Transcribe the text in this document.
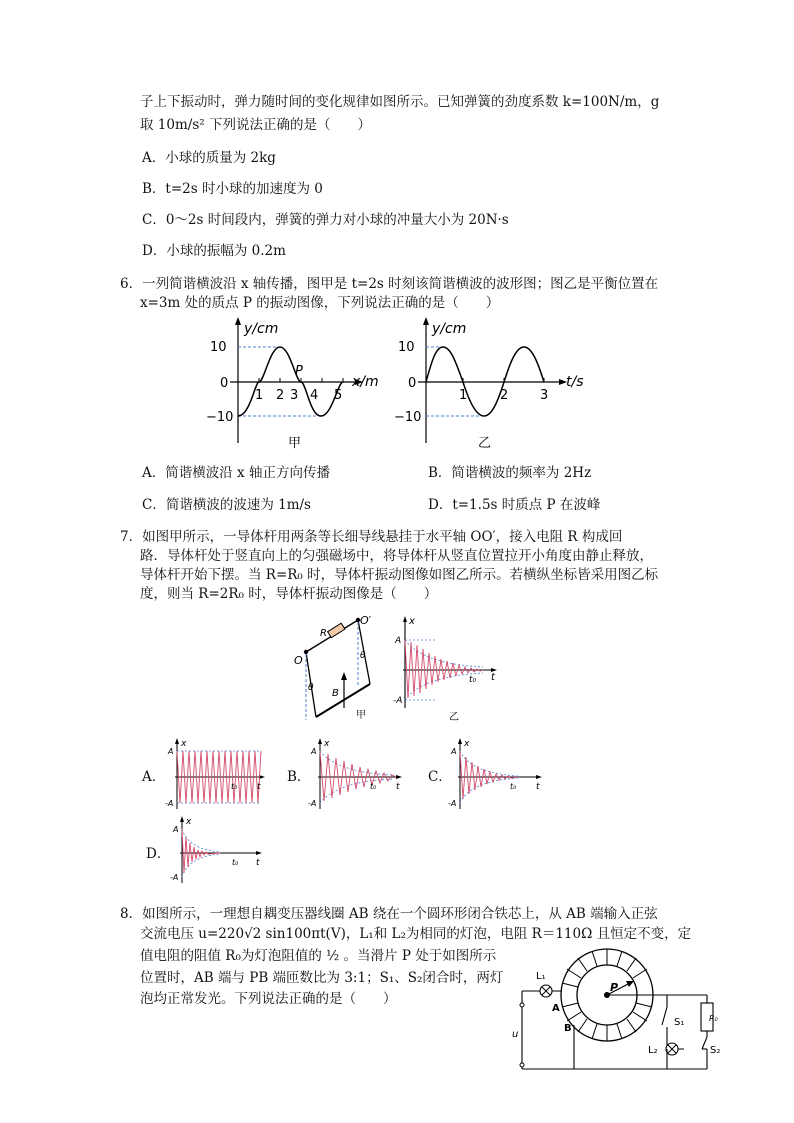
子上下振动时，弹力随时间的变化规律如图所示。已知弹簧的劲度系数 k=100N/m，g
取 10m/s² 下列说法正确的是（　　）
A．小球的质量为 2kg
B．t=2s 时小球的加速度为 0
C．0～2s 时间段内，弹簧的弹力对小球的冲量大小为 20N·s
D．小球的振幅为 0.2m
6．一列简谐横波沿 x 轴传播，图甲是 t=2s 时刻该简谐横波的波形图；图乙是平衡位置在
x=3m 处的质点 P 的振动图像，下列说法正确的是（　　）
y/cm
x/m
10
0
−10
1 2 3 4 5
P
甲
y/cm
t/s
10
0
−10
1	2 3
乙
A．简谐横波沿 x 轴正方向传播	B．简谐横波的频率为 2Hz
C．简谐横波的波速为 1m/s	D．t=1.5s 时质点 P 在波峰
7．如图甲所示，一导体杆用两条等长细导线悬挂于水平轴 OO′，接入电阻 R 构成回
路．导体杆处于竖直向上的匀强磁场中，将导体杆从竖直位置拉开小角度由静止释放，
导体杆开始下摆。当 R=R₀ 时，导体杆振动图像如图乙所示。若横纵坐标皆采用图乙标
度，则当 R=2R₀ 时，导体杆振动图像是（　　）
O
O′
R
B
θ
θ
甲
x
A
-A
t₀ t
乙
A．
x
A
-A
t₀ t
B．
x
A
-A
t₀ t
C．
x
A
-A
t₀ t
D．
x
A
-A
t₀ t
8．如图所示，一理想自耦变压器线圈 AB 绕在一个圆环形闭合铁芯上，从 AB 端输入正弦
交流电压 u=220√2 sin100πt(V)，L₁和 L₂为相同的灯泡，电阻 R＝110Ω 且恒定不变，定
值电阻的阻值 R₀为灯泡阻值的 ½ 。当滑片 P 处于如图所示
位置时，AB 端与 PB 端匝数比为 3:1；S₁、S₂闭合时，两灯
泡均正常发光。下列说法正确的是（　　）
L₁
A
B
P
u
S₁	R₀
L₂	S₂
